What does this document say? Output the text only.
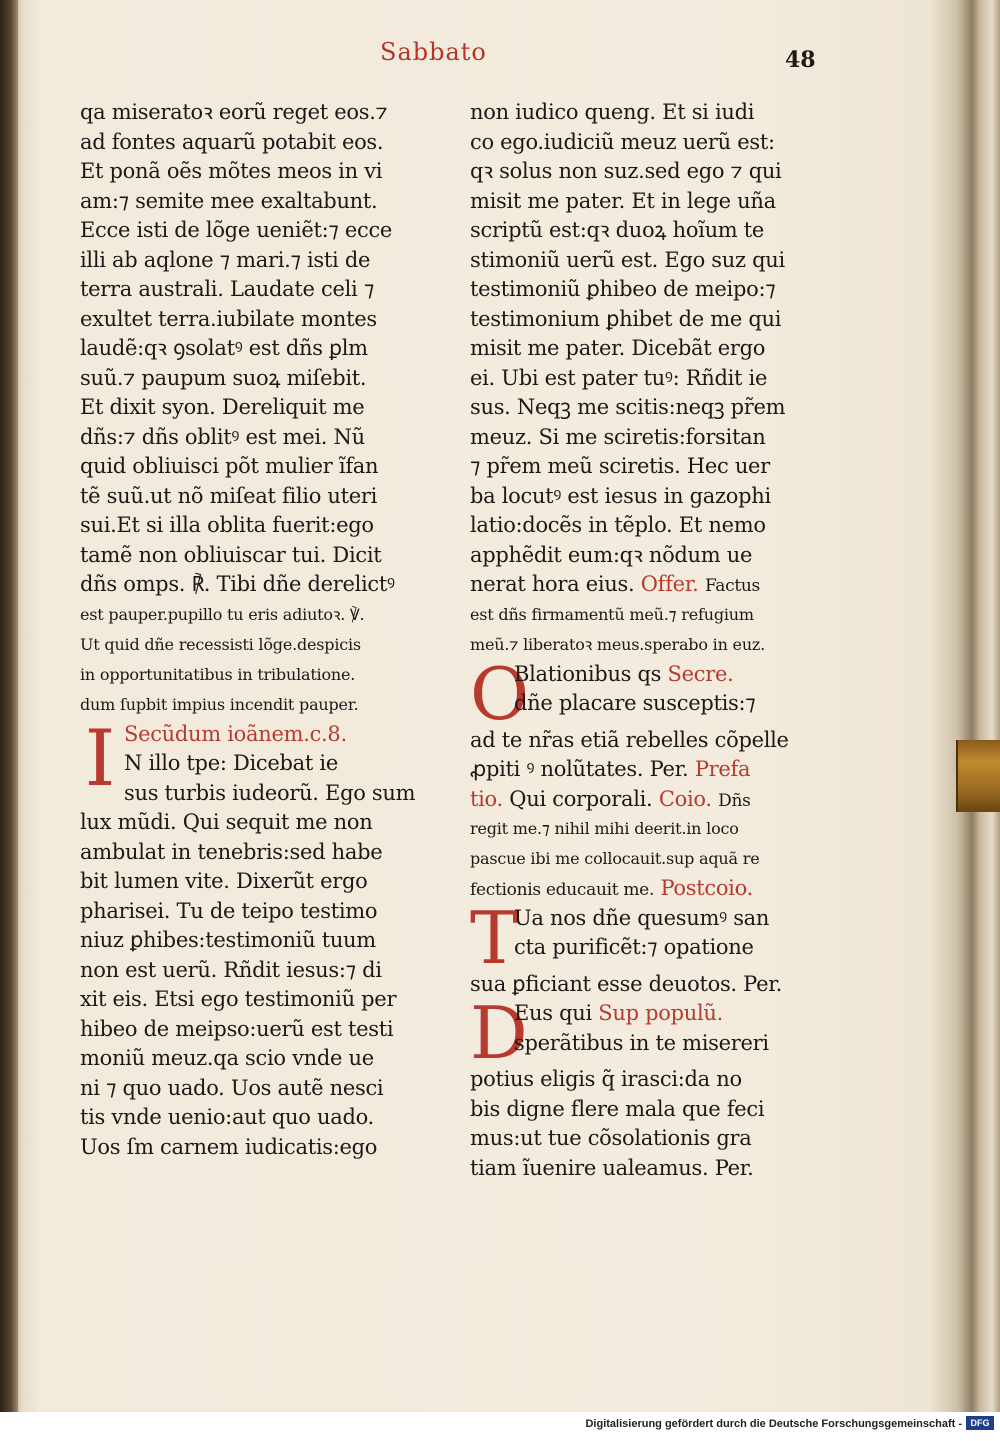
Sabbato	48
qa miseratoꝛ eorũ reget eos.⁊
ad fontes aquarũ potabit eos.
Et ponã oẽs mõtes meos in vi
am:⁊ semite mee exaltabunt.
Ecce isti de lõge ueniẽt:⁊ ecce
illi ab aqlone ⁊ mari.⁊ isti de
terra australi. Laudate celi ⁊
exultet terra.iubilate montes
laudẽ:qꝛ ꝯsolatꝰ est dñs ꝑlm
suũ.⁊ paupum suoꝝ miſebit.
Et dixit syon. Dereliquit me
dñs:⁊ dñs oblitꝰ est mei. Nũ
quid obliuisci põt mulier ĩfan
tẽ suũ.ut nõ miſeat filio uteri
sui.Et si illa oblita fuerit:ego
tamẽ non obliuiscar tui. Dicit
dñs omps. ℟. Tibi dñe derelictꝰ
est pauper.pupillo tu eris adiutoꝛ. ℣.
Ut quid dñe recessisti lõge.despicis
in opportunitatibus in tribulatione.
dum ſupbit impius incendit pauper.
Secũdum ioãnem.c.8.
I N illo tpe: Dicebat ie
sus turbis iudeorũ. Ego sum
lux mũdi. Qui sequit me non
ambulat in tenebris:sed habe
bit lumen vite. Dixerũt ergo
pharisei. Tu de teipo testimo
niuz ꝑhibes:testimoniũ tuum
non est uerũ. Rñdit iesus:⁊ di
xit eis. Etsi ego testimoniũ per
hibeo de meipso:uerũ est testi
moniũ meuz.qa scio vnde ue
ni ⁊ quo uado. Uos autẽ nesci
tis vnde uenio:aut quo uado.
Uos ſm carnem iudicatis:ego
non iudico queng. Et si iudi
co ego.iudiciũ meuz uerũ est:
qꝛ solus non suz.sed ego ⁊ qui
misit me pater. Et in lege uña
scriptũ est:qꝛ duoꝝ hoĩum te
stimoniũ uerũ est. Ego suz qui
testimoniũ ꝑhibeo de meipo:⁊
testimonium ꝑhibet de me qui
misit me pater. Dicebãt ergo
ei. Ubi est pater tuꝰ: Rñdit ie
sus. Neqꝫ me scitis:neqꝫ pr̃em
meuz. Si me sciretis:forsitan
⁊ pr̃em meũ sciretis. Hec uer
ba locutꝰ est iesus in gazophi
latio:docẽs in tẽplo. Et nemo
apphẽdit eum:qꝛ nõdum ue
nerat hora eius. Offer. Factus
est dñs firmamentũ meũ.⁊ refugium
meũ.⁊ liberatoꝛ meus.sperabo in euz.
O
Blationibus qs Secre.
dñe placare susceptis:⁊
ad te nr̃as etiã rebelles cõpelle
ꝓpiti ꝰ nolũtates. Per. Prefa
tio. Qui corporali. Coio. Dñs
regit me.⁊ nihil mihi deerit.in loco
pascue ibi me collocauit.sup aquã re
fectionis educauit me. Postcoio.
T
Ua nos dñe quesumꝰ san
cta purificẽt:⁊ opatione
sua ꝑficiant esse deuotos. Per.
D
Eus qui Sup populũ.
sperãtibus in te misereri
potius eligis q̃ irasci:da no
bis digne flere mala que feci
mus:ut tue cõsolationis gra
tiam ĩuenire ualeamus. Per.
Digitalisierung gefördert durch die Deutsche Forschungsgemeinschaft - DFG
